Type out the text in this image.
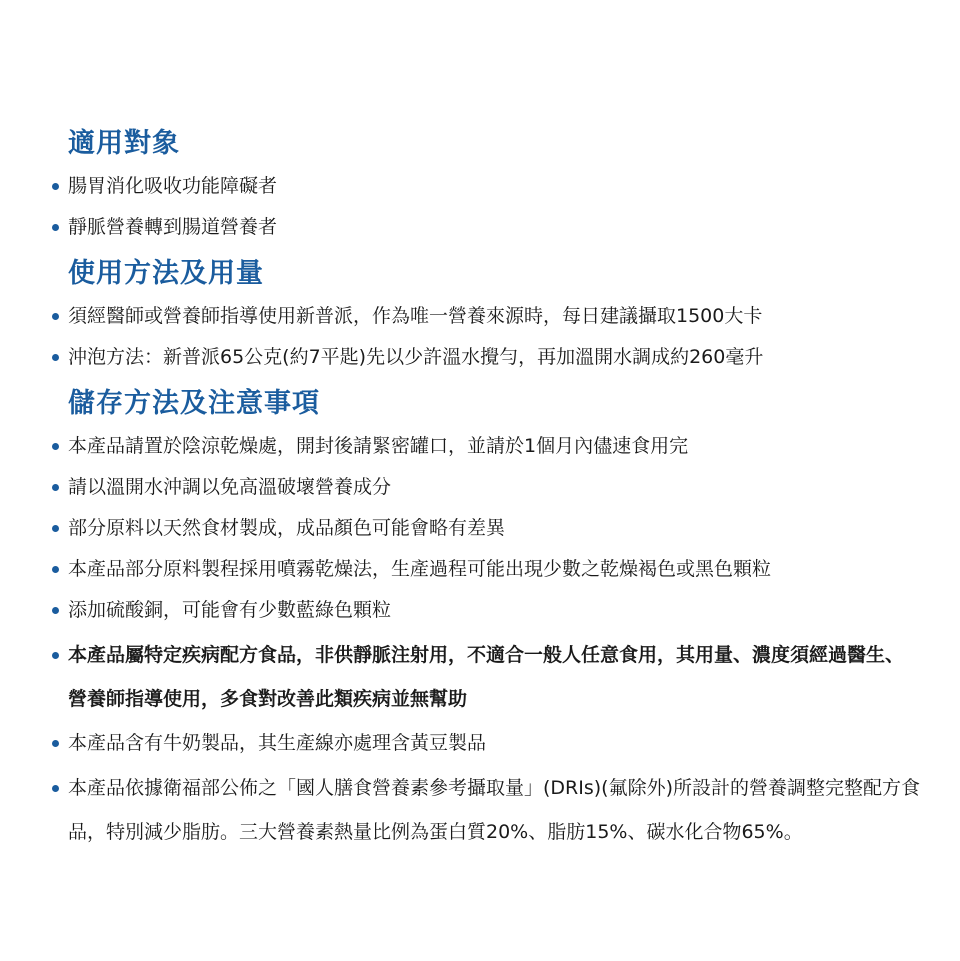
適用對象
腸胃消化吸收功能障礙者
靜脈營養轉到腸道營養者
使用方法及用量
須經醫師或營養師指導使用新普派，作為唯一營養來源時，每日建議攝取1500大卡
沖泡方法：新普派65公克(約7平匙)先以少許溫水攪勻，再加溫開水調成約260毫升
儲存方法及注意事項
本產品請置於陰涼乾燥處，開封後請緊密罐口，並請於1個月內儘速食用完
請以溫開水沖調以免高溫破壞營養成分
部分原料以天然食材製成，成品顏色可能會略有差異
本產品部分原料製程採用噴霧乾燥法，生產過程可能出現少數之乾燥褐色或黑色顆粒
添加硫酸銅，可能會有少數藍綠色顆粒
本產品屬特定疾病配方食品，非供靜脈注射用，不適合一般人任意食用，其用量、濃度須經過醫生、營養師指導使用，多食對改善此類疾病並無幫助
本產品含有牛奶製品，其生產線亦處理含黃豆製品
本產品依據衛福部公佈之「國人膳食營養素參考攝取量」(DRIs)(氟除外)所設計的營養調整完整配方食品，特別減少脂肪。三大營養素熱量比例為蛋白質20%、脂肪15%、碳水化合物65%。
